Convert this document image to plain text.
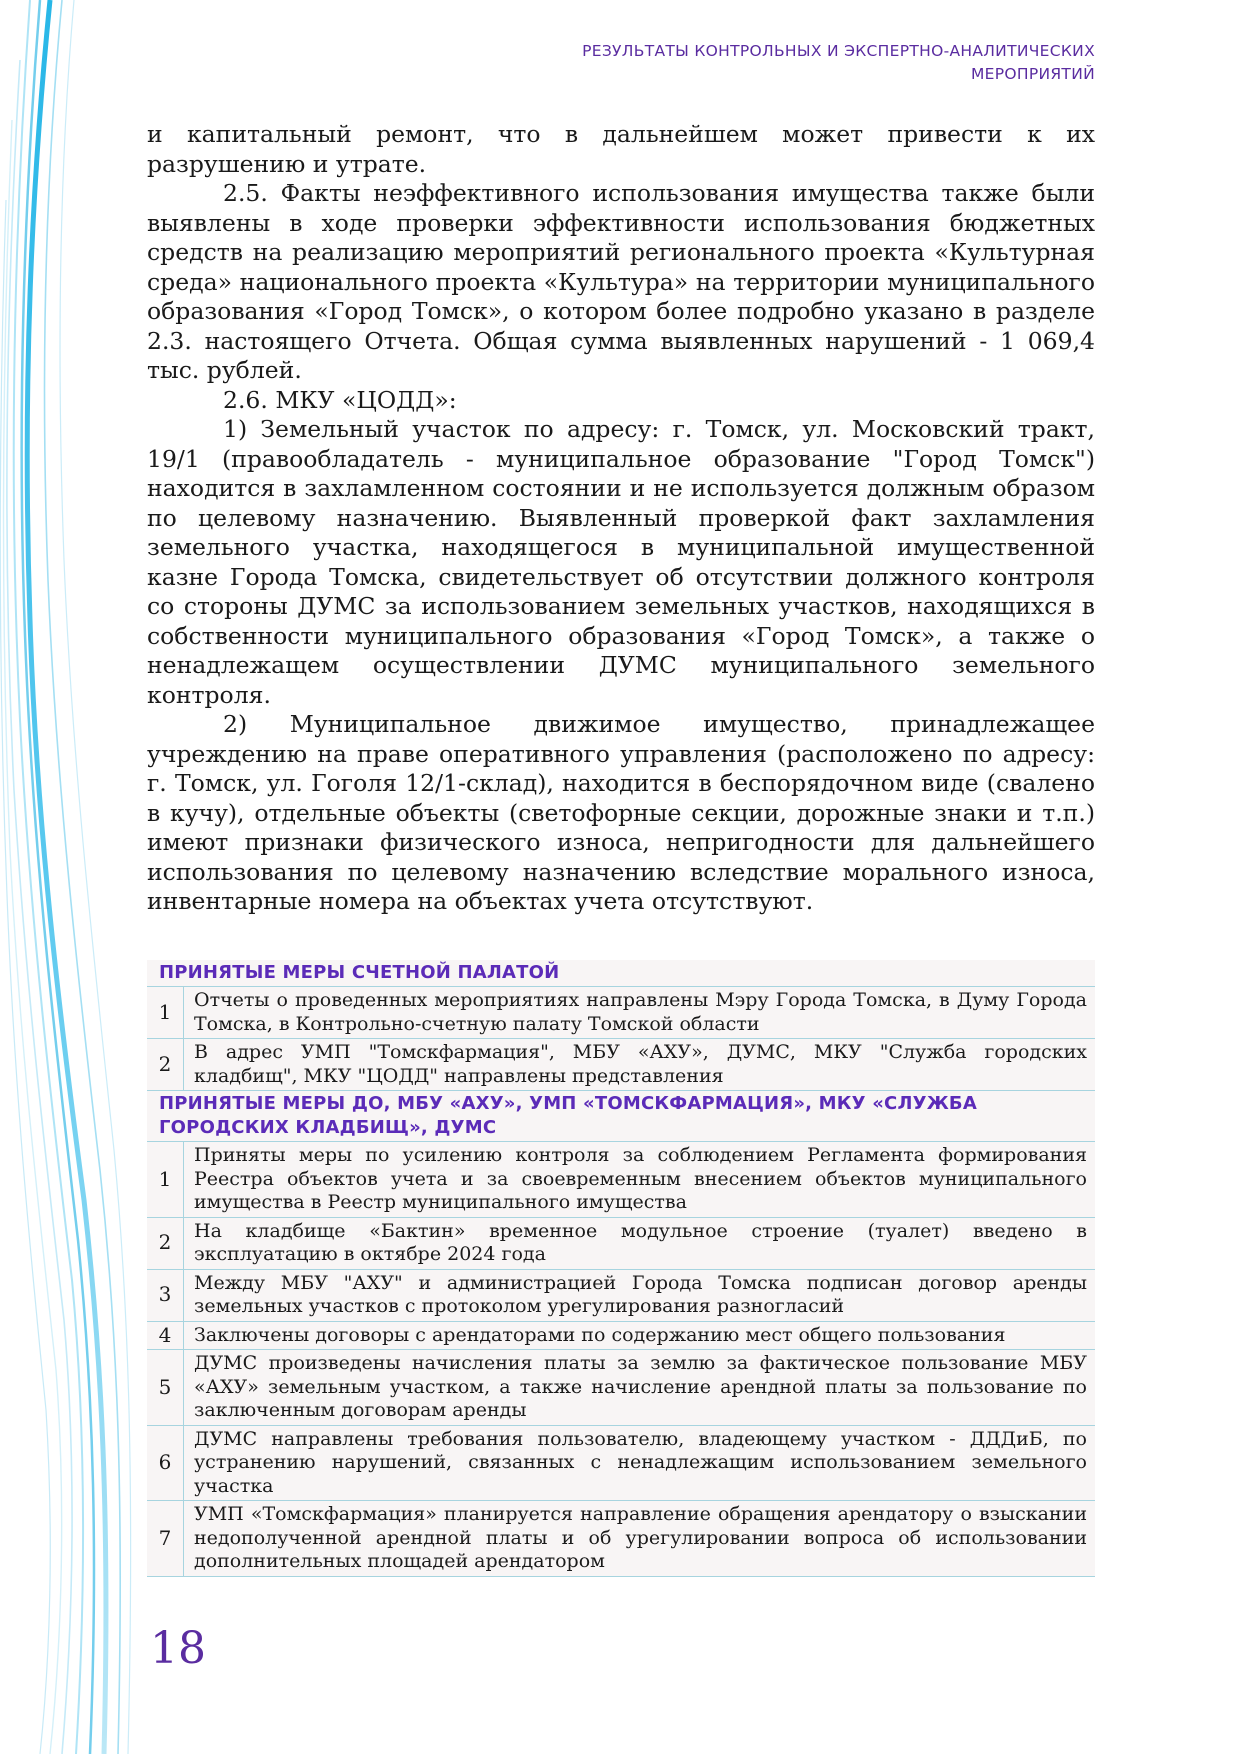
РЕЗУЛЬТАТЫ КОНТРОЛЬНЫХ И ЭКСПЕРТНО-АНАЛИТИЧЕСКИХ
МЕРОПРИЯТИЙ

и капитальный ремонт, что в дальнейшем может привести к их разрушению и утрате.

2.5. Факты неэффективного использования имущества также были выявлены в ходе проверки эффективности использования бюджетных средств на реализацию мероприятий регионального проекта «Культурная среда» национального проекта «Культура» на территории муниципального образования «Город Томск», о котором более подробно указано в разделе 2.3. настоящего Отчета. Общая сумма выявленных нарушений - 1 069,4 тыс. рублей.

2.6. МКУ «ЦОДД»:

1) Земельный участок по адресу: г. Томск, ул. Московский тракт, 19/1 (правообладатель - муниципальное образование "Город Томск") находится в захламленном состоянии и не используется должным образом по целевому назначению. Выявленный проверкой факт захламления земельного участка, находящегося в муниципальной имущественной казне Города Томска, свидетельствует об отсутствии должного контроля со стороны ДУМС за использованием земельных участков, находящихся в собственности муниципального образования «Город Томск», а также о ненадлежащем осуществлении ДУМС муниципального земельного контроля.

2) Муниципальное движимое имущество, принадлежащее учреждению на праве оперативного управления (расположено по адресу: г. Томск, ул. Гоголя 12/1-склад), находится в беспорядочном виде (свалено в кучу), отдельные объекты (светофорные секции, дорожные знаки и т.п.) имеют признаки физического износа, непригодности для дальнейшего использования по целевому назначению вследствие морального износа, инвентарные номера на объектах учета отсутствуют.

ПРИНЯТЫЕ МЕРЫ СЧЕТНОЙ ПАЛАТОЙ	
1	Отчеты о проведенных мероприятиях направлены Мэру Города Томска, в Думу Города Томска, в Контрольно-счетную палату Томской области
2	В адрес УМП "Томскфармация", МБУ «АХУ», ДУМС, МКУ "Служба городских кладбищ", МКУ "ЦОДД" направлены представления
ПРИНЯТЫЕ МЕРЫ ДО, МБУ «АХУ», УМП «ТОМСКФАРМАЦИЯ», МКУ «СЛУЖБА ГОРОДСКИХ КЛАДБИЩ», ДУМС	
1	Приняты меры по усилению контроля за соблюдением Регламента формирования Реестра объектов учета и за своевременным внесением объектов муниципального имущества в Реестр муниципального имущества
2	На кладбище «Бактин» временное модульное строение (туалет) введено в эксплуатацию в октябре 2024 года
3	Между МБУ "АХУ" и администрацией Города Томска подписан договор аренды земельных участков с протоколом урегулирования разногласий
4	Заключены договоры с арендаторами по содержанию мест общего пользования
5	ДУМС произведены начисления платы за землю за фактическое пользование МБУ «АХУ» земельным участком, а также начисление арендной платы за пользование по заключенным договорам аренды
6	ДУМС направлены требования пользователю, владеющему участком - ДДДиБ, по устранению нарушений, связанных с ненадлежащим использованием земельного участка
7	УМП «Томскфармация» планируется направление обращения арендатору о взыскании недополученной арендной платы и об урегулировании вопроса об использовании дополнительных площадей арендатором
18
